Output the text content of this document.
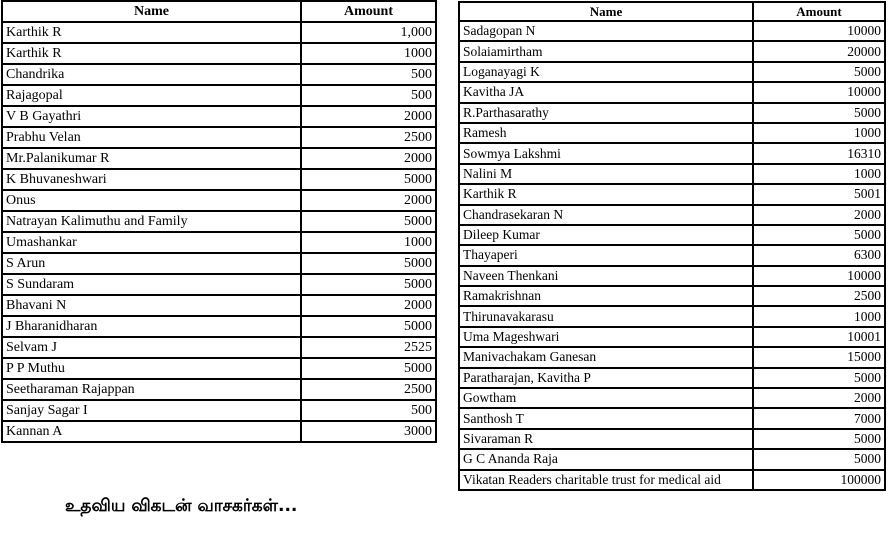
Name	Amount
Karthik R	1,000
Karthik R	1000
Chandrika	500
Rajagopal	500
V B Gayathri	2000
Prabhu Velan	2500
Mr.Palanikumar R	2000
K Bhuvaneshwari	5000
Onus	2000
Natrayan Kalimuthu and Family	5000
Umashankar	1000
S Arun	5000
S Sundaram	5000
Bhavani N	2000
J Bharanidharan	5000
Selvam J	2525
P P Muthu	5000
Seetharaman Rajappan	2500
Sanjay Sagar I	500
Kannan A	3000
Name	Amount
Sadagopan N	10000
Solaiamirtham	20000
Loganayagi K	5000
Kavitha JA	10000
R.Parthasarathy	5000
Ramesh	1000
Sowmya Lakshmi	16310
Nalini M	1000
Karthik R	5001
Chandrasekaran N	2000
Dileep Kumar	5000
Thayaperi	6300
Naveen Thenkani	10000
Ramakrishnan	2500
Thirunavakarasu	1000
Uma Mageshwari	10001
Manivachakam Ganesan	15000
Paratharajan, Kavitha P	5000
Gowtham	2000
Santhosh T	7000
Sivaraman R	5000
G C Ananda Raja	5000
Vikatan Readers charitable trust for medical aid	100000
உதவிய விகடன் வாசகர்கள்...
